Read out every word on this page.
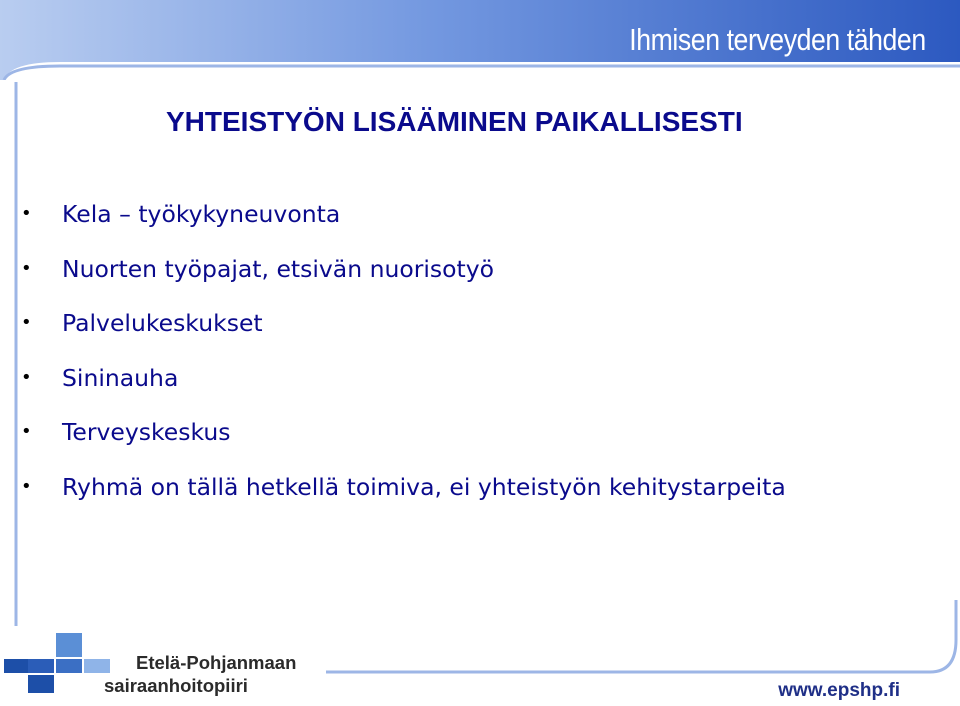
Ihmisen terveyden tähden
YHTEISTYÖN LISÄÄMINEN PAIKALLISESTI
• Kela – työkykyneuvonta
• Nuorten työpajat, etsivän nuorisotyö
• Palvelukeskukset
• Sininauha
• Terveyskeskus
• Ryhmä on tällä hetkellä toimiva, ei yhteistyön kehitystarpeita
Etelä-Pohjanmaan
sairaanhoitopiiri	www.epshp.fi
